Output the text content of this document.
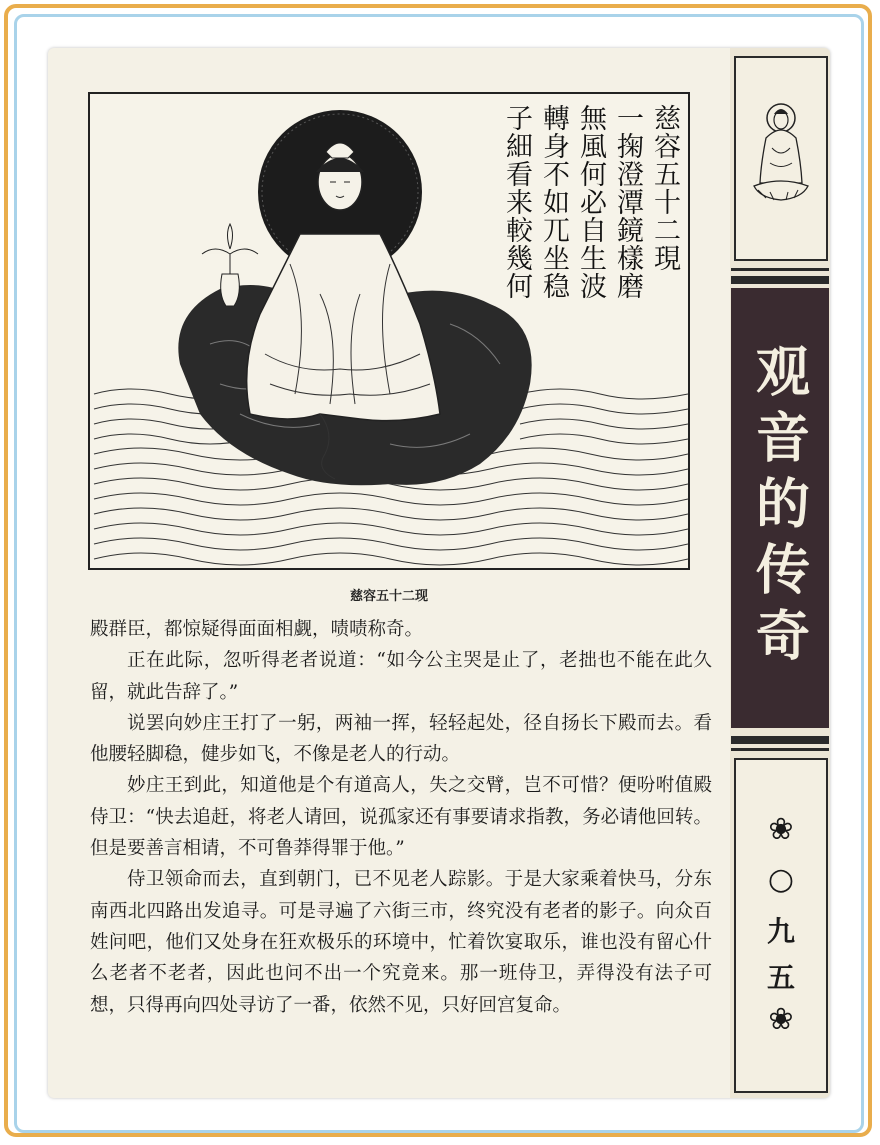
慈容五十二現
一掬澄潭鏡樣磨
無風何必自生波
轉身不如兀坐稳
子細看来較幾何
慈容五十二现

殿群臣，都惊疑得面面相觑，啧啧称奇。

正在此际，忽听得老者说道：“如今公主哭是止了，老拙也不能在此久留，就此告辞了。”

说罢向妙庄王打了一躬，两袖一挥，轻轻起处，径自扬长下殿而去。看他腰轻脚稳，健步如飞，不像是老人的行动。

妙庄王到此，知道他是个有道高人，失之交臂，岂不可惜？便吩咐值殿侍卫：“快去追赶，将老人请回，说孤家还有事要请求指教，务必请他回转。但是要善言相请，不可鲁莽得罪于他。”

侍卫领命而去，直到朝门，已不见老人踪影。于是大家乘着快马，分东南西北四路出发追寻。可是寻遍了六街三市，终究没有老者的影子。向众百姓问吧，他们又处身在狂欢极乐的环境中，忙着饮宴取乐，谁也没有留心什么老者不老者，因此也问不出一个究竟来。那一班侍卫，弄得没有法子可想，只得再向四处寻访了一番，依然不见，只好回宫复命。

观音的传奇
❀
○
九
五
❀
